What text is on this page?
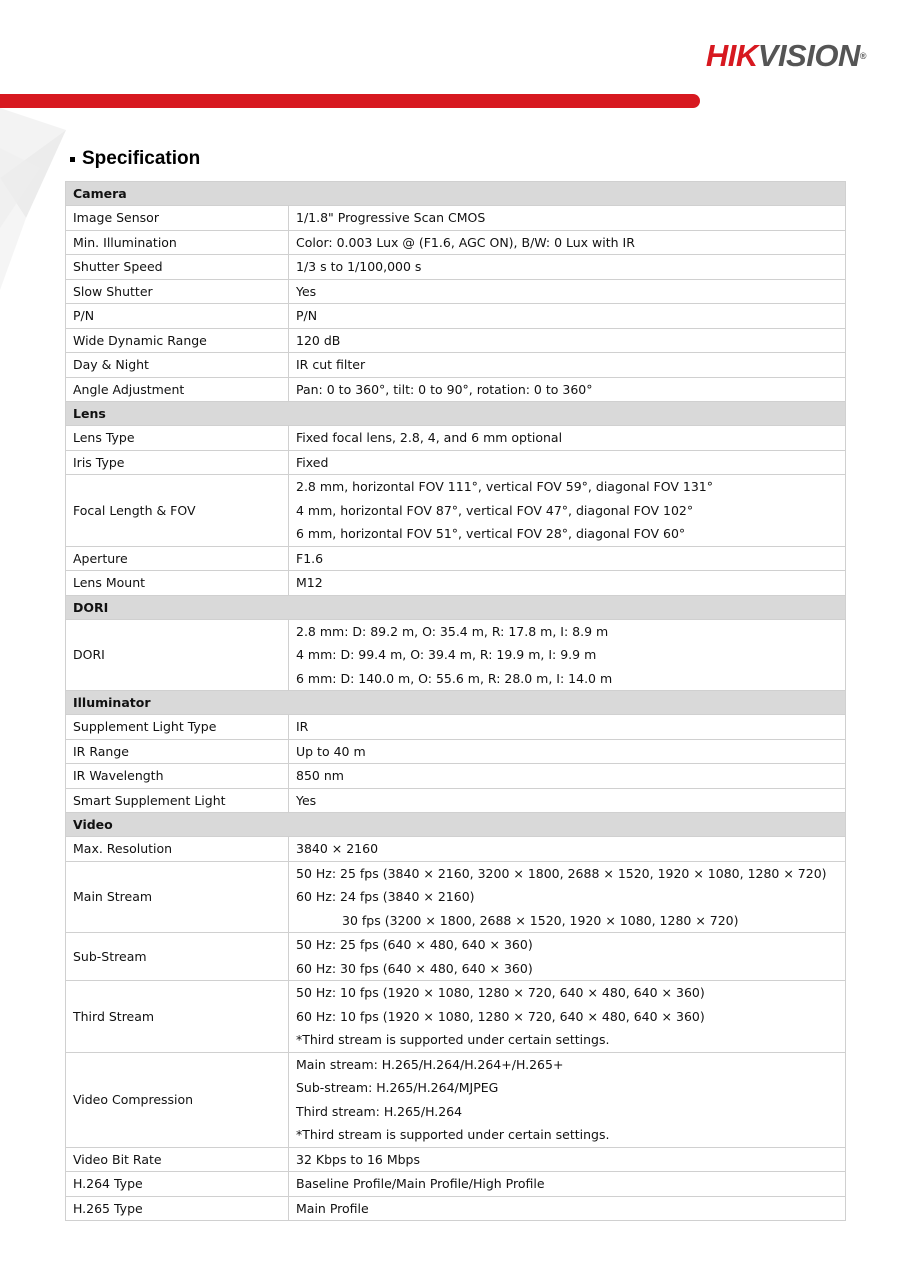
HIKVISION®
Specification
Camera	
Image Sensor	1/1.8" Progressive Scan CMOS

Min. Illumination	Color: 0.003 Lux @ (F1.6, AGC ON), B/W: 0 Lux with IR

Shutter Speed	1/3 s to 1/100,000 s

Slow Shutter	Yes

P/N	P/N

Wide Dynamic Range	120 dB

Day & Night	IR cut filter

Angle Adjustment	Pan: 0 to 360°, tilt: 0 to 90°, rotation: 0 to 360°

Lens	
Lens Type	Fixed focal lens, 2.8, 4, and 6 mm optional

Iris Type	Fixed

Focal Length & FOV	2.8 mm, horizontal FOV 111°, vertical FOV 59°, diagonal FOV 131°
4 mm, horizontal FOV 87°, vertical FOV 47°, diagonal FOV 102°
6 mm, horizontal FOV 51°, vertical FOV 28°, diagonal FOV 60°

Aperture	F1.6

Lens Mount	M12

DORI	
DORI	2.8 mm: D: 89.2 m, O: 35.4 m, R: 17.8 m, I: 8.9 m
4 mm: D: 99.4 m, O: 39.4 m, R: 19.9 m, I: 9.9 m
6 mm: D: 140.0 m, O: 55.6 m, R: 28.0 m, I: 14.0 m

Illuminator	
Supplement Light Type	IR

IR Range	Up to 40 m

IR Wavelength	850 nm

Smart Supplement Light	Yes

Video	
Max. Resolution	3840 × 2160

Main Stream	50 Hz: 25 fps (3840 × 2160, 3200 × 1800, 2688 × 1520, 1920 × 1080, 1280 × 720)
60 Hz: 24 fps (3840 × 2160)
30 fps (3200 × 1800, 2688 × 1520, 1920 × 1080, 1280 × 720)

Sub-Stream	50 Hz: 25 fps (640 × 480, 640 × 360)
60 Hz: 30 fps (640 × 480, 640 × 360)

Third Stream	50 Hz: 10 fps (1920 × 1080, 1280 × 720, 640 × 480, 640 × 360)
60 Hz: 10 fps (1920 × 1080, 1280 × 720, 640 × 480, 640 × 360)
*Third stream is supported under certain settings.

Video Compression	Main stream: H.265/H.264/H.264+/H.265+
Sub-stream: H.265/H.264/MJPEG
Third stream: H.265/H.264
*Third stream is supported under certain settings.

Video Bit Rate	32 Kbps to 16 Mbps

H.264 Type	Baseline Profile/Main Profile/High Profile

H.265 Type	Main Profile
